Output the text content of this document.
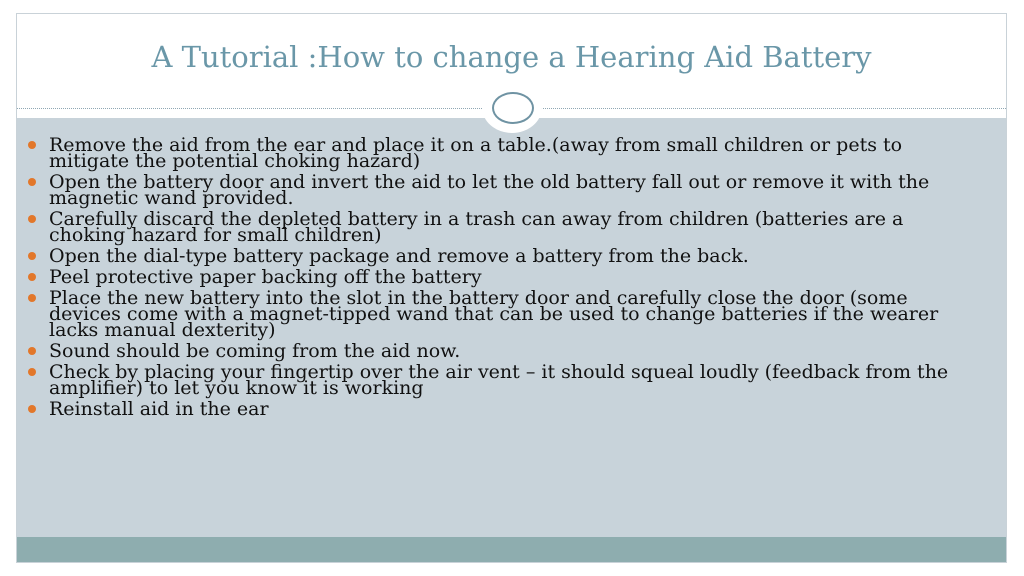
A Tutorial :How to change a Hearing Aid Battery
Remove the aid from the ear and place it on a table.(away from small children or pets to mitigate the potential choking hazard)
Open the battery door and invert the aid to let the old battery fall out or remove it with the magnetic wand provided.
Carefully discard the depleted battery in a trash can away from children (batteries are a choking hazard for small children)
Open the dial-type battery package and remove a battery from the back.
Peel protective paper backing off the battery
Place the new battery into the slot in the battery door and carefully close the door (some devices come with a magnet-tipped wand that can be used to change batteries if the wearer lacks manual dexterity)
Sound should be coming from the aid now.
Check by placing your fingertip over the air vent – it should squeal loudly (feedback from the amplifier) to let you know it is working
Reinstall aid in the ear
